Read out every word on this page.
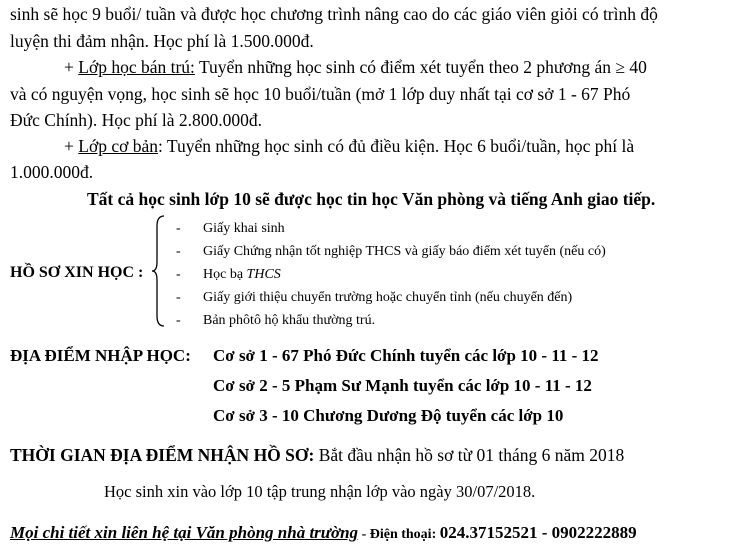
sinh sẽ học 9 buổi/ tuần và được học chương trình nâng cao do các giáo viên giỏi có trình độ
luyện thi đảm nhận. Học phí là 1.500.000đ.
+ Lớp học bán trú: Tuyển những học sinh có điểm xét tuyển theo 2 phương án ≥ 40
và có nguyện vọng, học sinh sẽ học 10 buổi/tuần (mở 1 lớp duy nhất tại cơ sở 1 - 67 Phó
Đức Chính). Học phí là 2.800.000đ.
+ Lớp cơ bản: Tuyển những học sinh có đủ điều kiện. Học 6 buổi/tuần, học phí là
1.000.000đ.
Tất cả học sinh lớp 10 sẽ được học tin học Văn phòng và tiếng Anh giao tiếp.
HỒ SƠ XIN HỌC :
- Giấy khai sinh
- Giấy Chứng nhận tốt nghiệp THCS và giấy báo điểm xét tuyển (nếu có)
- Học bạ THCS
- Giấy giới thiệu chuyển trường hoặc chuyển tỉnh (nếu chuyển đến)
- Bản phôtô hộ khẩu thường trú.
ĐỊA ĐIỂM NHẬP HỌC: Cơ sở 1 - 67 Phó Đức Chính tuyển các lớp 10 - 11 - 12
Cơ sở 2 - 5 Phạm Sư Mạnh tuyển các lớp 10 - 11 - 12
Cơ sở 3 - 10 Chương Dương Độ tuyển các lớp 10
THỜI GIAN ĐỊA ĐIỂM NHẬN HỒ SƠ: Bắt đầu nhận hồ sơ từ 01 tháng 6 năm 2018
Học sinh xin vào lớp 10 tập trung nhận lớp vào ngày 30/07/2018.
Mọi chi tiết xin liên hệ tại Văn phòng nhà trường - Điện thoại: 024.37152521 - 0902222889
